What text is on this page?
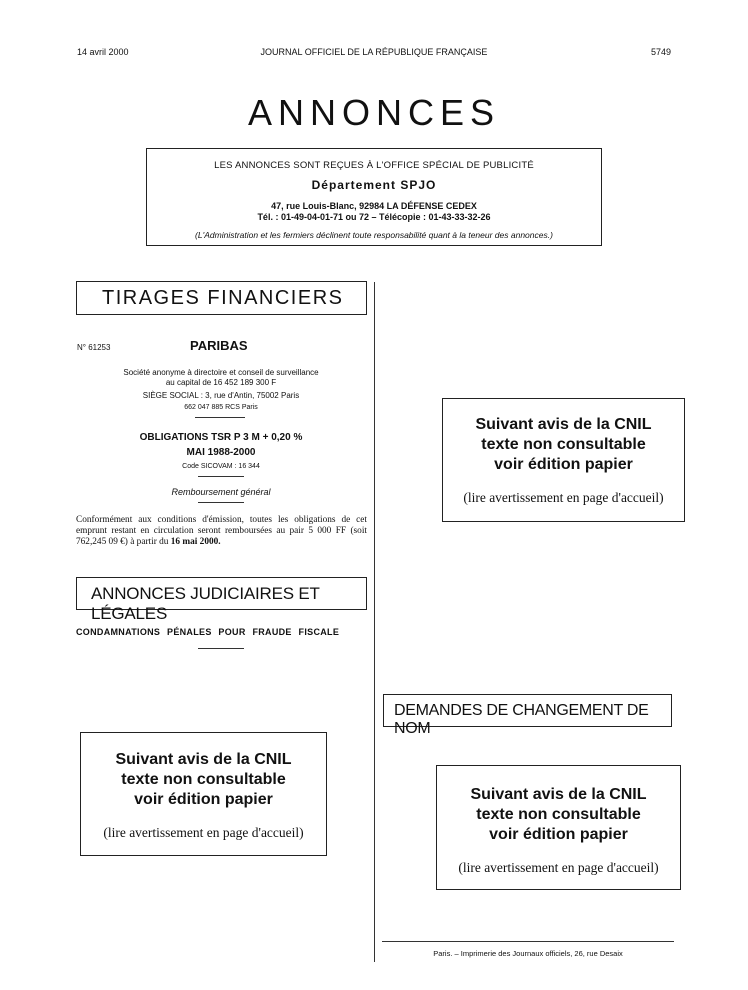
14 avril 2000	JOURNAL OFFICIEL DE LA RÉPUBLIQUE FRANÇAISE	5749
ANNONCES
LES ANNONCES SONT REÇUES À L'OFFICE SPÉCIAL DE PUBLICITÉ
Département SPJO
47, rue Louis-Blanc, 92984 LA DÉFENSE CEDEX
Tél. : 01-49-04-01-71 ou 72 – Télécopie : 01-43-33-32-26
(L'Administration et les fermiers déclinent toute responsabilité quant à la teneur des annonces.)
TIRAGES FINANCIERS
N° 61253	PARIBAS
Société anonyme à directoire et conseil de surveillance
au capital de 16 452 189 300 F
SIÈGE SOCIAL : 3, rue d'Antin, 75002 Paris
662 047 885 RCS Paris
OBLIGATIONS TSR P 3 M + 0,20 %
MAI 1988-2000
Code SICOVAM : 16 344
Remboursement général
Conformément aux conditions d'émission, toutes les obligations de cet emprunt restant en circulation seront remboursées au pair 5 000 FF (soit 762,245 09 €) à partir du 16 mai 2000.
ANNONCES JUDICIAIRES ET LÉGALES
CONDAMNATIONS PÉNALES POUR FRAUDE FISCALE
Suivant avis de la CNIL
texte non consultable
voir édition papier
(lire avertissement en page d'accueil)
Suivant avis de la CNIL
texte non consultable
voir édition papier
(lire avertissement en page d'accueil)
DEMANDES DE CHANGEMENT DE NOM
Suivant avis de la CNIL
texte non consultable
voir édition papier
(lire avertissement en page d'accueil)
Paris. – Imprimerie des Journaux officiels, 26, rue Desaix
